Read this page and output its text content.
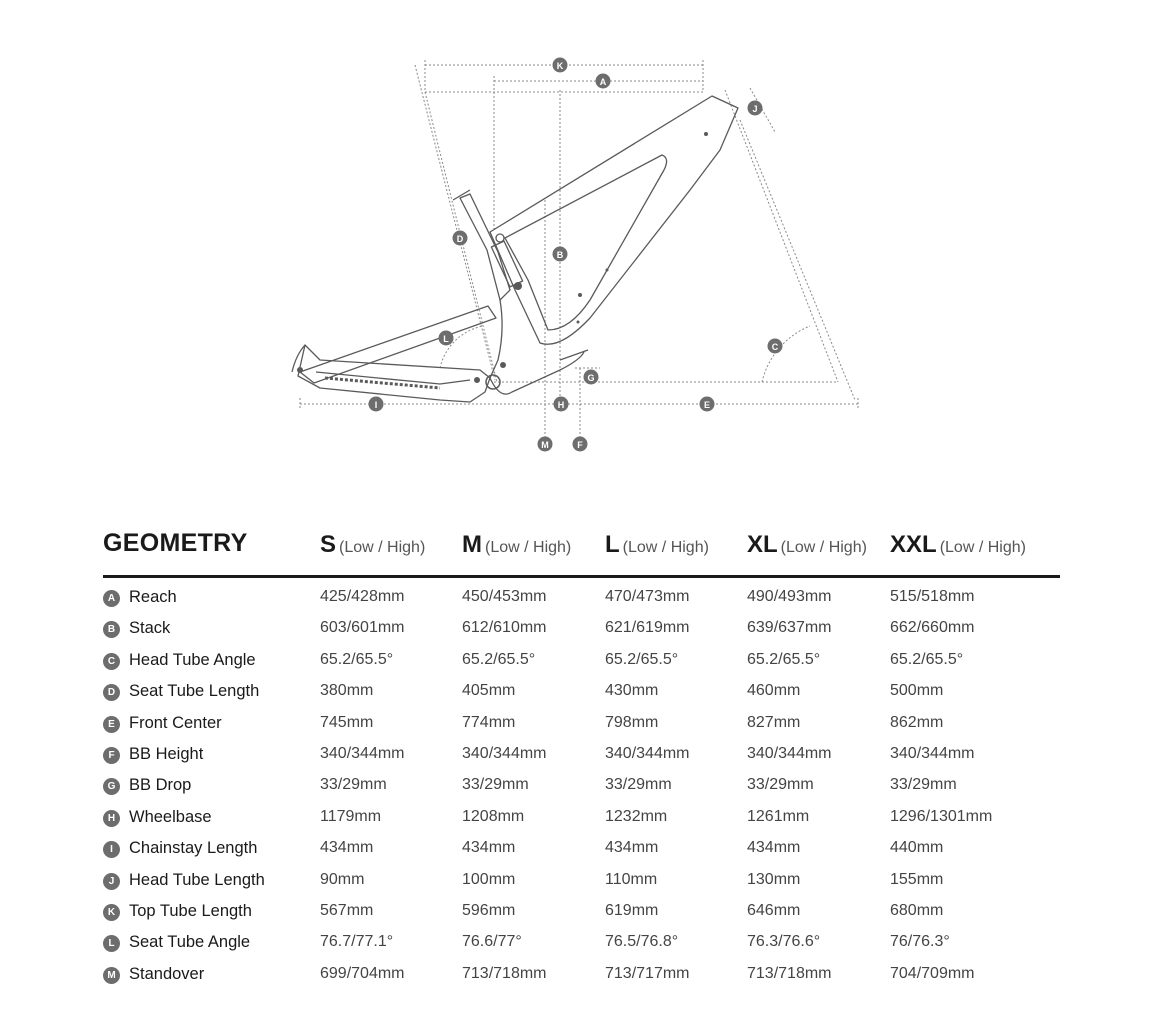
K
A
J
D
B
L
C
G
I	H	E
M	F
GEOMETRY	S (Low / High) M (Low / High) L (Low / High) XL (Low / High) XXL (Low / High)
A Reach	425/428mm	450/453mm	470/473mm	490/493mm	515/518mm
B Stack	603/601mm	612/610mm	621/619mm	639/637mm	662/660mm
C Head Tube Angle	65.2/65.5°	65.2/65.5°	65.2/65.5°	65.2/65.5°	65.2/65.5°
D Seat Tube Length	380mm	405mm	430mm	460mm	500mm
E Front Center	745mm	774mm	798mm	827mm	862mm
F BB Height	340/344mm	340/344mm	340/344mm	340/344mm	340/344mm
G BB Drop	33/29mm	33/29mm	33/29mm	33/29mm	33/29mm
H Wheelbase	1179mm	1208mm	1232mm	1261mm	1296/1301mm
I Chainstay Length	434mm	434mm	434mm	434mm	440mm
J Head Tube Length	90mm	100mm	110mm	130mm	155mm
K Top Tube Length	567mm	596mm	619mm	646mm	680mm
L Seat Tube Angle	76.7/77.1°	76.6/77°	76.5/76.8°	76.3/76.6°	76/76.3°
M Standover	699/704mm	713/718mm	713/717mm	713/718mm	704/709mm
